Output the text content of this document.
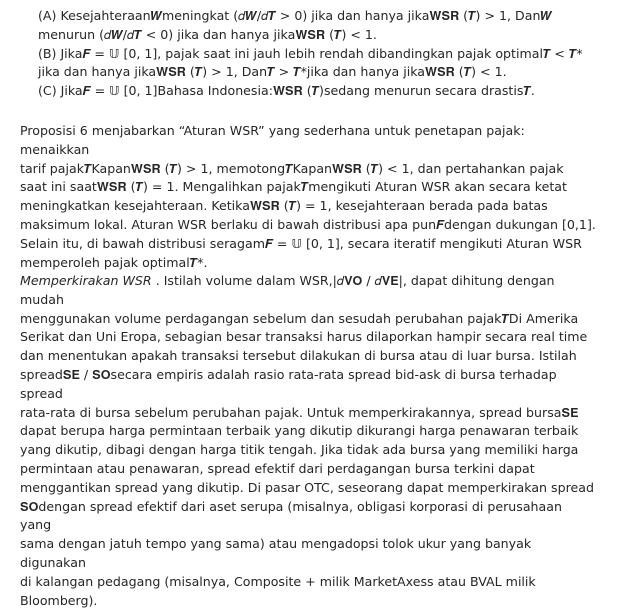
(A) Kesejahteraan𝑾meningkat (𝑑𝑾/𝑑𝑻 > 0) jika dan hanya jika𝐖𝐒𝐑 (𝑻) > 1, Dan𝑾

menurun (𝑑𝑾/𝑑𝑻 < 0) jika dan hanya jika𝐖𝐒𝐑 (𝑻) < 1.

(B) Jika𝑭 = 𝕌 [0, 1], pajak saat ini jauh lebih rendah dibandingkan pajak optimal𝑻 < 𝑻*

jika dan hanya jika𝐖𝐒𝐑 (𝑻) > 1, Dan𝑻 > 𝑻*jika dan hanya jika𝐖𝐒𝐑 (𝑻) < 1.

(C) Jika𝑭 = 𝕌 [0, 1]Bahasa Indonesia:𝐖𝐒𝐑 (𝑻)sedang menurun secara drastis𝑻.

Proposisi 6 menjabarkan “Aturan WSR” yang sederhana untuk penetapan pajak: menaikkan
tarif pajak𝑻Kapan𝐖𝐒𝐑 (𝑻) > 1, memotong𝑻Kapan𝐖𝐒𝐑 (𝑻) < 1, dan pertahankan pajak
saat ini saat𝐖𝐒𝐑 (𝑻) = 1. Mengalihkan pajak𝑻mengikuti Aturan WSR akan secara ketat
meningkatkan kesejahteraan. Ketika𝐖𝐒𝐑 (𝑻) = 1, kesejahteraan berada pada batas
maksimum lokal. Aturan WSR berlaku di bawah distribusi apa pun𝑭dengan dukungan [0,1].
Selain itu, di bawah distribusi seragam𝑭 = 𝕌 [0, 1], secara iteratif mengikuti Aturan WSR
memperoleh pajak optimal𝑻*.
Memperkirakan WSR . Istilah volume dalam WSR,|𝑑𝐕𝐎 / 𝑑𝐕𝐄|, dapat dihitung dengan mudah
menggunakan volume perdagangan sebelum dan sesudah perubahan pajak𝑻Di Amerika
Serikat dan Uni Eropa, sebagian besar transaksi harus dilaporkan hampir secara real time
dan menentukan apakah transaksi tersebut dilakukan di bursa atau di luar bursa. Istilah
spread𝐒𝐄 / 𝐒𝐎secara empiris adalah rasio rata-rata spread bid-ask di bursa terhadap spread
rata-rata di bursa sebelum perubahan pajak. Untuk memperkirakannya, spread bursa𝐒𝐄
dapat berupa harga permintaan terbaik yang dikutip dikurangi harga penawaran terbaik
yang dikutip, dibagi dengan harga titik tengah. Jika tidak ada bursa yang memiliki harga
permintaan atau penawaran, spread efektif dari perdagangan bursa terkini dapat
menggantikan spread yang dikutip. Di pasar OTC, seseorang dapat memperkirakan spread
𝐒𝐎dengan spread efektif dari aset serupa (misalnya, obligasi korporasi di perusahaan yang
sama dengan jatuh tempo yang sama) atau mengadopsi tolok ukur yang banyak digunakan
di kalangan pedagang (misalnya, Composite + milik MarketAxess atau BVAL milik
Bloomberg).
